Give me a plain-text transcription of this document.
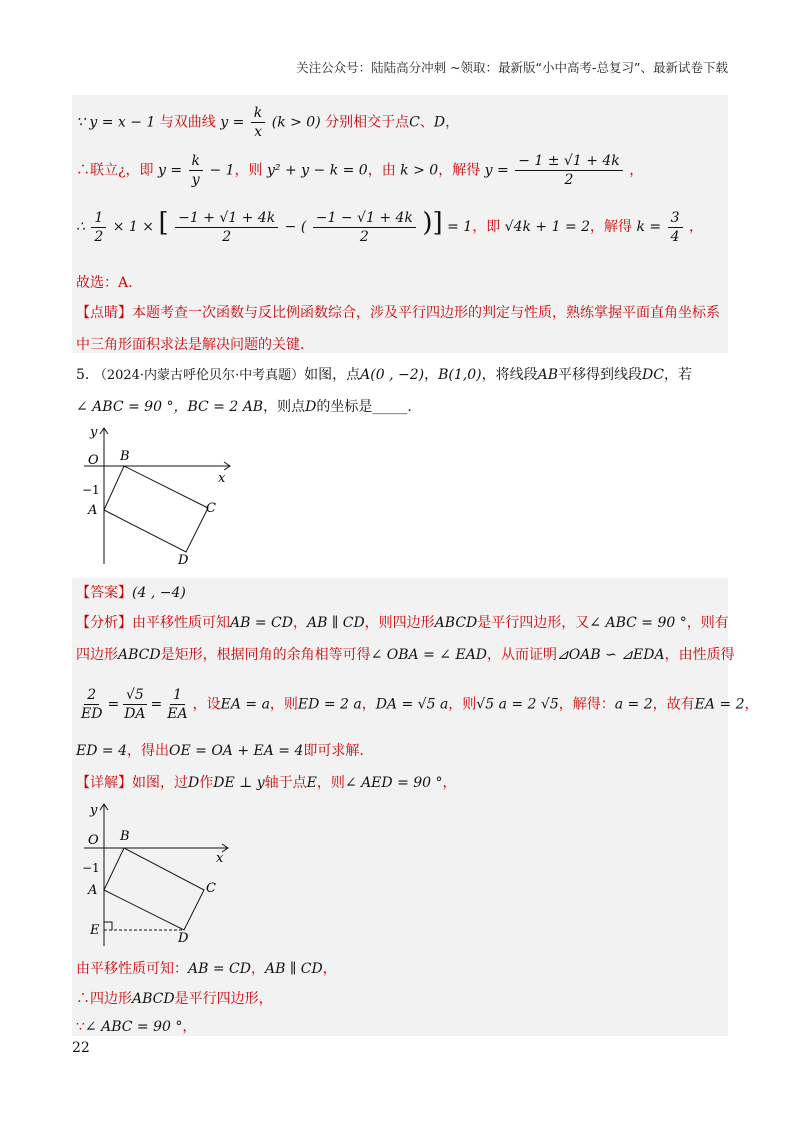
关注公众号：陆陆高分冲刺 ~领取：最新版“小中高考-总复习”、最新试卷下载
∵ y = x − 1 与双曲线 $y = \frac{k}{x} (k > 0)$ 分别相交于点C、D，
∴联立¿，即 $y = \frac{k}{y} - 1$，则 y² + y − k = 0，由 k > 0，解得 $y = \frac{- 1 \pm √1 + 4k}{2}$ ，
∴ $\frac{1}{2} \times 1$ × [ $\frac{-1 + √1 + 4k}{2}$ − ( $\frac{-1 - √1 + 4k}{2}$ )] = 1，即 √4k + 1 = 2，解得 $k = \frac{3}{4}$ ，
故选：A.
【点睛】本题考查一次函数与反比例函数综合，涉及平行四边形的判定与性质，熟练掌握平面直角坐标系
中三角形面积求法是解决问题的关键.
5. （2024·内蒙古呼伦贝尔·中考真题）如图，点A(0 , −2)，B(1,0)，将线段AB平移得到线段DC，若
∠ ABC = 90 °，BC = 2 AB，则点D的坐标是_____.
y
O B
x
−1
A	C
D
【答案】(4 , −4)
【分析】由平移性质可知AB = CD，AB ∥ CD，则四边形ABCD是平行四边形，又∠ ABC = 90 °，则有
四边形ABCD是矩形，根据同角的余角相等可得∠ OBA = ∠ EAD，从而证明⊿OAB ∽ ⊿EDA，由性质得
$\frac{2}{ED} = \frac{√5}{DA} = \frac{1}{EA}$ ，设EA = a，则ED = 2 a，DA = √5 a，则√5 a = 2 √5，解得：a = 2，故有EA = 2，
ED = 4，得出OE = OA + EA = 4即可求解.
【详解】如图，过D作DE ⊥ y轴于点E，则∠ AED = 90 °，
y
O B
x
−1
A	C
E
D
由平移性质可知：AB = CD，AB ∥ CD，
∴四边形ABCD是平行四边形，
∵∠ ABC = 90 °，
22
